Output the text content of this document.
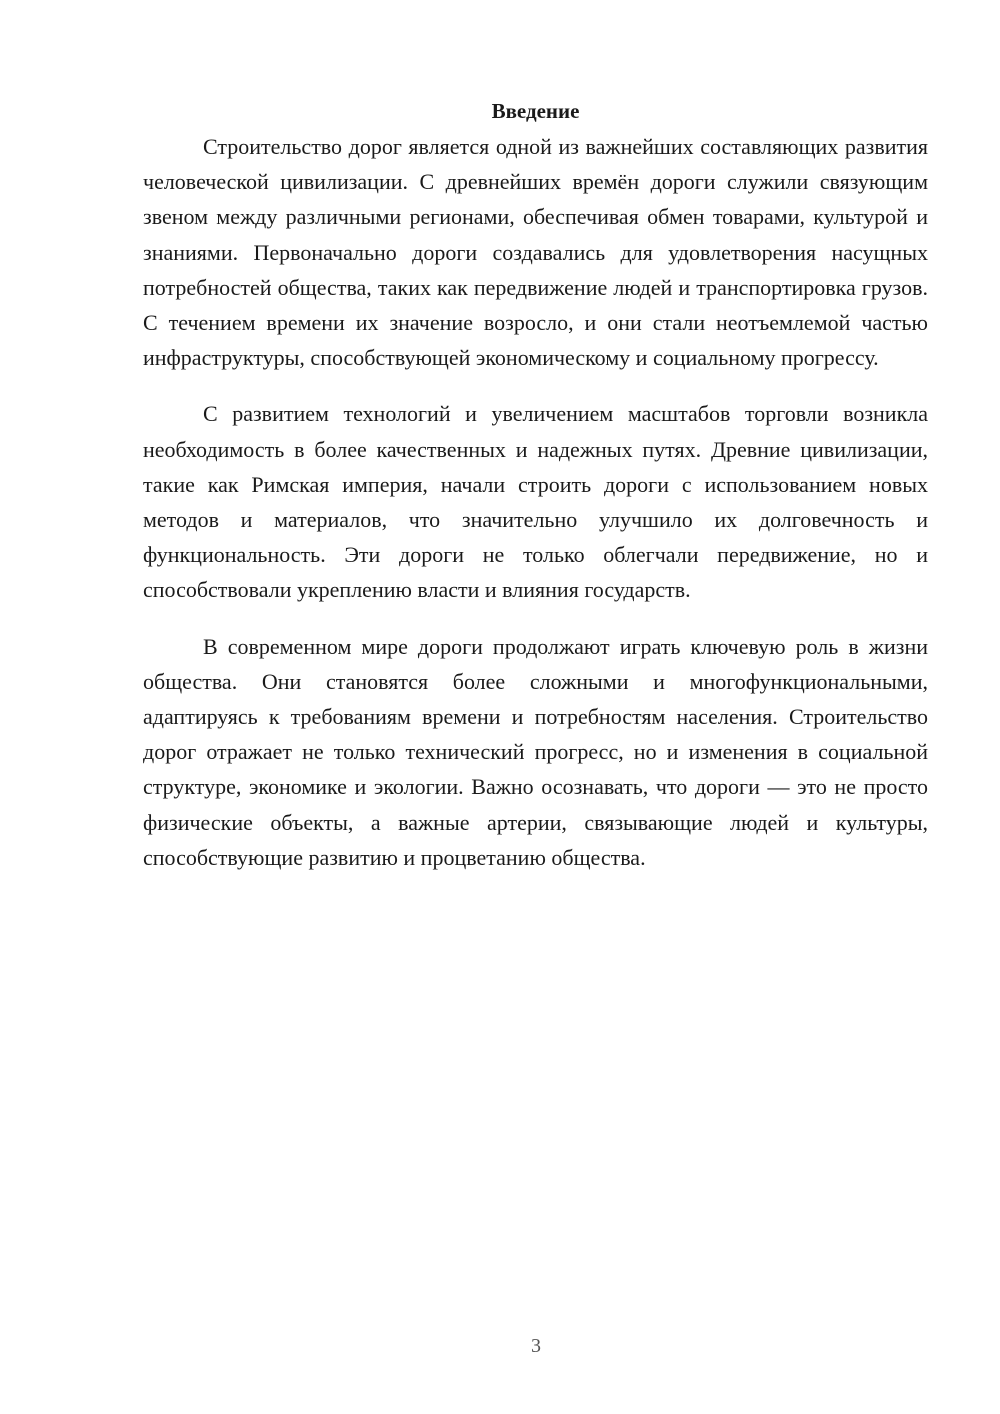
Введение

Строительство дорог является одной из важнейших составляющих развития человеческой цивилизации. С древнейших времён дороги служили связующим звеном между различными регионами, обеспечивая обмен товарами, культурой и знаниями. Первоначально дороги создавались для удовлетворения насущных потребностей общества, таких как передвижение людей и транспортировка грузов. С течением времени их значение возросло, и они стали неотъемлемой частью инфраструктуры, способствующей экономическому и социальному прогрессу.

С развитием технологий и увеличением масштабов торговли возникла необходимость в более качественных и надежных путях. Древние цивилизации, такие как Римская империя, начали строить дороги с использованием новых методов и материалов, что значительно улучшило их долговечность и функциональность. Эти дороги не только облегчали передвижение, но и способствовали укреплению власти и влияния государств.

В современном мире дороги продолжают играть ключевую роль в жизни общества. Они становятся более сложными и многофункциональными, адаптируясь к требованиям времени и потребностям населения. Строительство дорог отражает не только технический прогресс, но и изменения в социальной структуре, экономике и экологии. Важно осознавать, что дороги — это не просто физические объекты, а важные артерии, связывающие людей и культуры, способствующие развитию и процветанию общества.

3
